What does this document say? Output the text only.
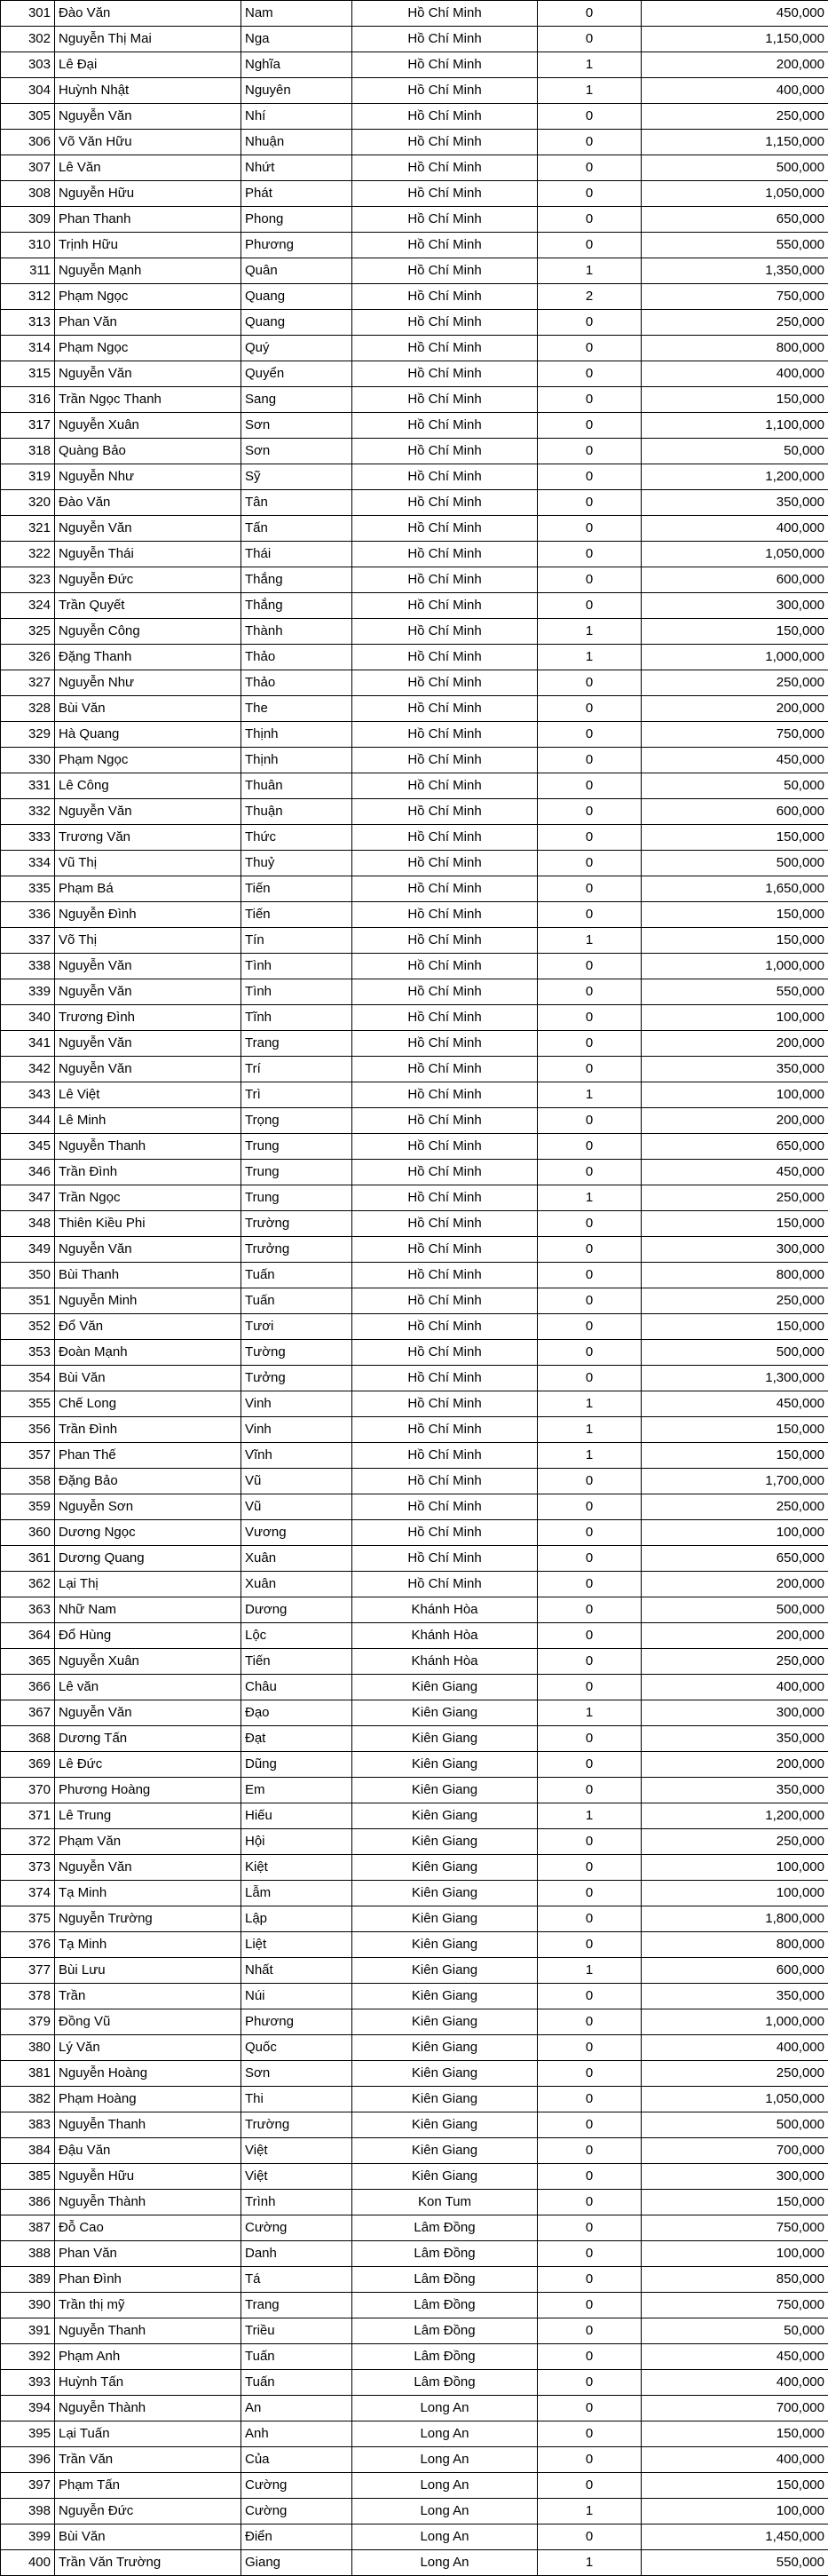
301	Đào Văn	Nam	Hồ Chí Minh	0	450,000
302	Nguyễn Thị Mai	Nga	Hồ Chí Minh	0	1,150,000
303	Lê Đại	Nghĩa	Hồ Chí Minh	1	200,000
304	Huỳnh Nhật	Nguyên	Hồ Chí Minh	1	400,000
305	Nguyễn Văn	Nhí	Hồ Chí Minh	0	250,000
306	Võ Văn Hữu	Nhuận	Hồ Chí Minh	0	1,150,000
307	Lê Văn	Nhứt	Hồ Chí Minh	0	500,000
308	Nguyễn Hữu	Phát	Hồ Chí Minh	0	1,050,000
309	Phan Thanh	Phong	Hồ Chí Minh	0	650,000
310	Trịnh Hữu	Phương	Hồ Chí Minh	0	550,000
311	Nguyễn Mạnh	Quân	Hồ Chí Minh	1	1,350,000
312	Phạm Ngọc	Quang	Hồ Chí Minh	2	750,000
313	Phan Văn	Quang	Hồ Chí Minh	0	250,000
314	Phạm Ngọc	Quý	Hồ Chí Minh	0	800,000
315	Nguyễn Văn	Quyển	Hồ Chí Minh	0	400,000
316	Trần Ngọc Thanh	Sang	Hồ Chí Minh	0	150,000
317	Nguyễn Xuân	Sơn	Hồ Chí Minh	0	1,100,000
318	Quàng Bảo	Sơn	Hồ Chí Minh	0	50,000
319	Nguyễn Như	Sỹ	Hồ Chí Minh	0	1,200,000
320	Đào Văn	Tân	Hồ Chí Minh	0	350,000
321	Nguyễn Văn	Tấn	Hồ Chí Minh	0	400,000
322	Nguyễn Thái	Thái	Hồ Chí Minh	0	1,050,000
323	Nguyễn Đức	Thắng	Hồ Chí Minh	0	600,000
324	Trần Quyết	Thắng	Hồ Chí Minh	0	300,000
325	Nguyễn Công	Thành	Hồ Chí Minh	1	150,000
326	Đặng Thanh	Thảo	Hồ Chí Minh	1	1,000,000
327	Nguyễn Như	Thảo	Hồ Chí Minh	0	250,000
328	Bùi Văn	The	Hồ Chí Minh	0	200,000
329	Hà Quang	Thịnh	Hồ Chí Minh	0	750,000
330	Phạm Ngọc	Thịnh	Hồ Chí Minh	0	450,000
331	Lê Công	Thuân	Hồ Chí Minh	0	50,000
332	Nguyễn Văn	Thuận	Hồ Chí Minh	0	600,000
333	Trương Văn	Thức	Hồ Chí Minh	0	150,000
334	Vũ Thị	Thuỷ	Hồ Chí Minh	0	500,000
335	Phạm Bá	Tiến	Hồ Chí Minh	0	1,650,000
336	Nguyễn Đình	Tiến	Hồ Chí Minh	0	150,000
337	Võ Thị	Tín	Hồ Chí Minh	1	150,000
338	Nguyễn Văn	Tình	Hồ Chí Minh	0	1,000,000
339	Nguyễn Văn	Tình	Hồ Chí Minh	0	550,000
340	Trương Đình	Tĩnh	Hồ Chí Minh	0	100,000
341	Nguyễn Văn	Trang	Hồ Chí Minh	0	200,000
342	Nguyễn Văn	Trí	Hồ Chí Minh	0	350,000
343	Lê Việt	Trì	Hồ Chí Minh	1	100,000
344	Lê Minh	Trọng	Hồ Chí Minh	0	200,000
345	Nguyễn Thanh	Trung	Hồ Chí Minh	0	650,000
346	Trần Đình	Trung	Hồ Chí Minh	0	450,000
347	Trần Ngọc	Trung	Hồ Chí Minh	1	250,000
348	Thiên Kiều Phi	Trường	Hồ Chí Minh	0	150,000
349	Nguyễn Văn	Trưởng	Hồ Chí Minh	0	300,000
350	Bùi Thanh	Tuấn	Hồ Chí Minh	0	800,000
351	Nguyễn Minh	Tuấn	Hồ Chí Minh	0	250,000
352	Đổ Văn	Tươi	Hồ Chí Minh	0	150,000
353	Đoàn Mạnh	Tường	Hồ Chí Minh	0	500,000
354	Bùi Văn	Tưởng	Hồ Chí Minh	0	1,300,000
355	Chế Long	Vinh	Hồ Chí Minh	1	450,000
356	Trần Đình	Vinh	Hồ Chí Minh	1	150,000
357	Phan Thế	Vĩnh	Hồ Chí Minh	1	150,000
358	Đặng Bảo	Vũ	Hồ Chí Minh	0	1,700,000
359	Nguyễn Sơn	Vũ	Hồ Chí Minh	0	250,000
360	Dương Ngọc	Vương	Hồ Chí Minh	0	100,000
361	Dương Quang	Xuân	Hồ Chí Minh	0	650,000
362	Lại Thị	Xuân	Hồ Chí Minh	0	200,000
363	Nhữ Nam	Dương	Khánh Hòa	0	500,000
364	Đổ Hùng	Lộc	Khánh Hòa	0	200,000
365	Nguyễn Xuân	Tiến	Khánh Hòa	0	250,000
366	Lê văn	Châu	Kiên Giang	0	400,000
367	Nguyễn Văn	Đạo	Kiên Giang	1	300,000
368	Dương Tấn	Đạt	Kiên Giang	0	350,000
369	Lê Đức	Dũng	Kiên Giang	0	200,000
370	Phương Hoàng	Em	Kiên Giang	0	350,000
371	Lê Trung	Hiếu	Kiên Giang	1	1,200,000
372	Phạm Văn	Hội	Kiên Giang	0	250,000
373	Nguyễn Văn	Kiệt	Kiên Giang	0	100,000
374	Tạ Minh	Lẫm	Kiên Giang	0	100,000
375	Nguyễn Trường	Lập	Kiên Giang	0	1,800,000
376	Tạ Minh	Liệt	Kiên Giang	0	800,000
377	Bùi Lưu	Nhất	Kiên Giang	1	600,000
378	Trần	Núi	Kiên Giang	0	350,000
379	Đồng Vũ	Phương	Kiên Giang	0	1,000,000
380	Lý Văn	Quốc	Kiên Giang	0	400,000
381	Nguyễn Hoàng	Sơn	Kiên Giang	0	250,000
382	Phạm Hoàng	Thi	Kiên Giang	0	1,050,000
383	Nguyễn Thanh	Trường	Kiên Giang	0	500,000
384	Đậu Văn	Việt	Kiên Giang	0	700,000
385	Nguyễn Hữu	Việt	Kiên Giang	0	300,000
386	Nguyễn Thành	Trình	Kon Tum	0	150,000
387	Đỗ Cao	Cường	Lâm Đồng	0	750,000
388	Phan Văn	Danh	Lâm Đồng	0	100,000
389	Phan Đình	Tá	Lâm Đồng	0	850,000
390	Trần thị mỹ	Trang	Lâm Đồng	0	750,000
391	Nguyễn Thanh	Triều	Lâm Đồng	0	50,000
392	Phạm Anh	Tuấn	Lâm Đồng	0	450,000
393	Huỳnh Tấn	Tuấn	Lâm Đồng	0	400,000
394	Nguyễn Thành	An	Long An	0	700,000
395	Lại Tuấn	Anh	Long An	0	150,000
396	Trần Văn	Của	Long An	0	400,000
397	Phạm Tấn	Cường	Long An	0	150,000
398	Nguyễn Đức	Cường	Long An	1	100,000
399	Bùi Văn	Điển	Long An	0	1,450,000
400	Trần Văn Trường	Giang	Long An	1	550,000
